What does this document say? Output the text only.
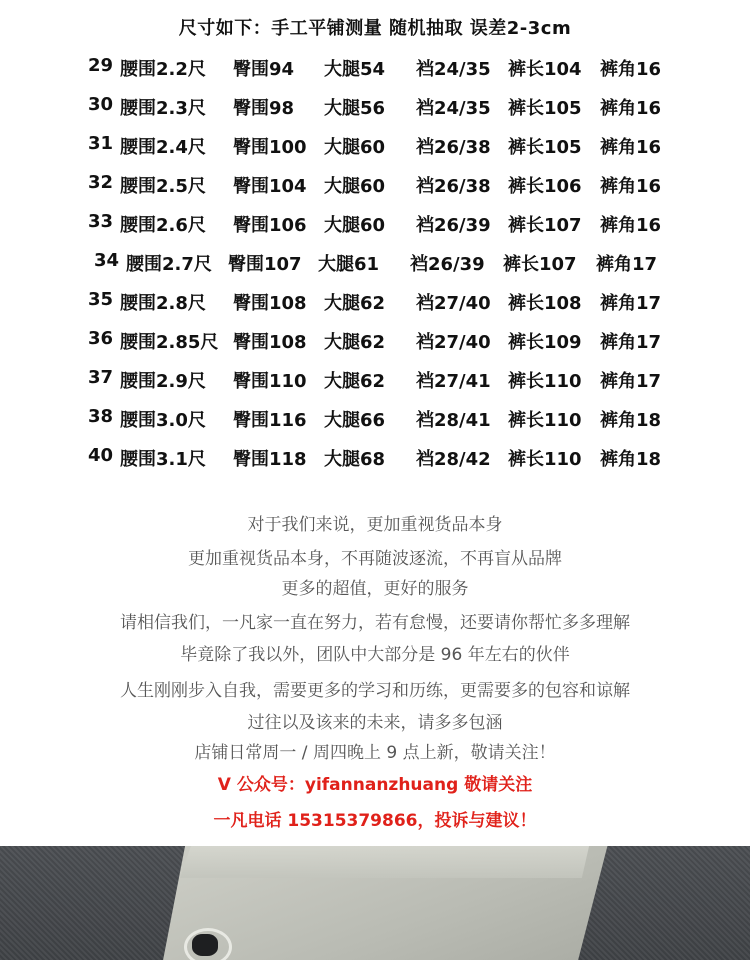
尺寸如下：手工平铺测量 随机抽取 误差2-3cm
29 腰围2.2尺 臀围94 大腿54 裆24/35 裤长104 裤角16
30 腰围2.3尺 臀围98 大腿56 裆24/35 裤长105 裤角16
31 腰围2.4尺 臀围100 大腿60 裆26/38 裤长105 裤角16
32 腰围2.5尺 臀围104 大腿60 裆26/38 裤长106 裤角16
33 腰围2.6尺 臀围106 大腿60 裆26/39 裤长107 裤角16
34 腰围2.7尺 臀围107 大腿61 裆26/39 裤长107 裤角17
35 腰围2.8尺 臀围108 大腿62 裆27/40 裤长108 裤角17
36 腰围2.85尺 臀围108 大腿62 裆27/40 裤长109 裤角17
37 腰围2.9尺 臀围110 大腿62 裆27/41 裤长110 裤角17
38 腰围3.0尺 臀围116 大腿66 裆28/41 裤长110 裤角18
40 腰围3.1尺 臀围118 大腿68 裆28/42 裤长110 裤角18
对于我们来说，更加重视货品本身
更加重视货品本身，不再随波逐流，不再盲从品牌
更多的超值，更好的服务
请相信我们，一凡家一直在努力，若有怠慢，还要请你帮忙多多理解
毕竟除了我以外，团队中大部分是 96 年左右的伙伴
人生刚刚步入自我，需要更多的学习和历练，更需要多的包容和谅解
过往以及该来的未来，请多多包涵
店铺日常周一 / 周四晚上 9 点上新，敬请关注！
V 公众号：yifannanzhuang 敬请关注
一凡电话 15315379866，投诉与建议！
